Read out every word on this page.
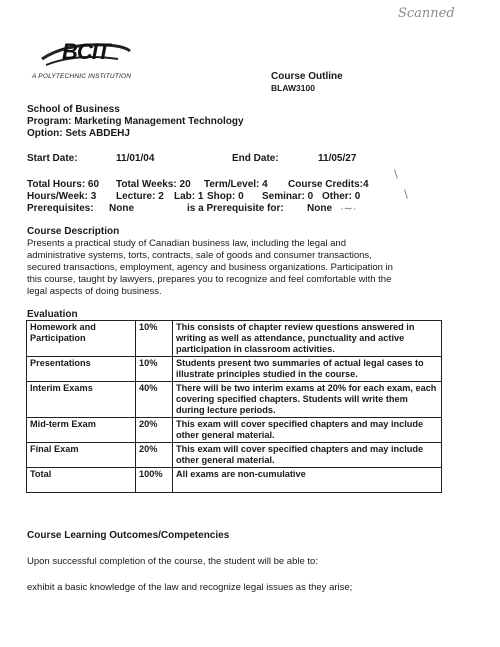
Scanned
BCIT
A POLYTECHNIC INSTITUTION	Course Outline
BLAW3100
School of Business
Program: Marketing Management Technology
Option: Sets ABDEHJ
Start Date:	11/01/04	End Date:	11/05/27
Total Hours: 60 Total Weeks: 20 Term/Level: 4 Course Credits:4
Hours/Week: 3 Lecture: 2 Lab: 1 Shop: 0 Seminar: 0 Other: 0
Prerequisites: None	is a Prerequisite for: None
∖
∖
·∼·
Course Description
Presents a practical study of Canadian business law, including the legal and administrative systems, torts, contracts, sale of goods and consumer transactions, secured transactions, employment, agency and business organizations. Participation in this course, taught by lawyers, prepares you to recognize and feel comfortable with the legal aspects of doing business.
Evaluation
Homework and Participation	10%	This consists of chapter review questions answered in writing as well as attendance, punctuality and active participation in classroom activities.
Presentations	10%	Students present two summaries of actual legal cases to illustrate principles studied in the course.
Interim Exams	40%	There will be two interim exams at 20% for each exam, each covering specified chapters. Students will write them during lecture periods.
Mid-term Exam	20%	This exam will cover specified chapters and may include other general material.
Final Exam	20%	This exam will cover specified chapters and may include other general material.
Total	100%	All exams are non-cumulative
Course Learning Outcomes/Competencies
Upon successful completion of the course, the student will be able to:
exhibit a basic knowledge of the law and recognize legal issues as they arise;
